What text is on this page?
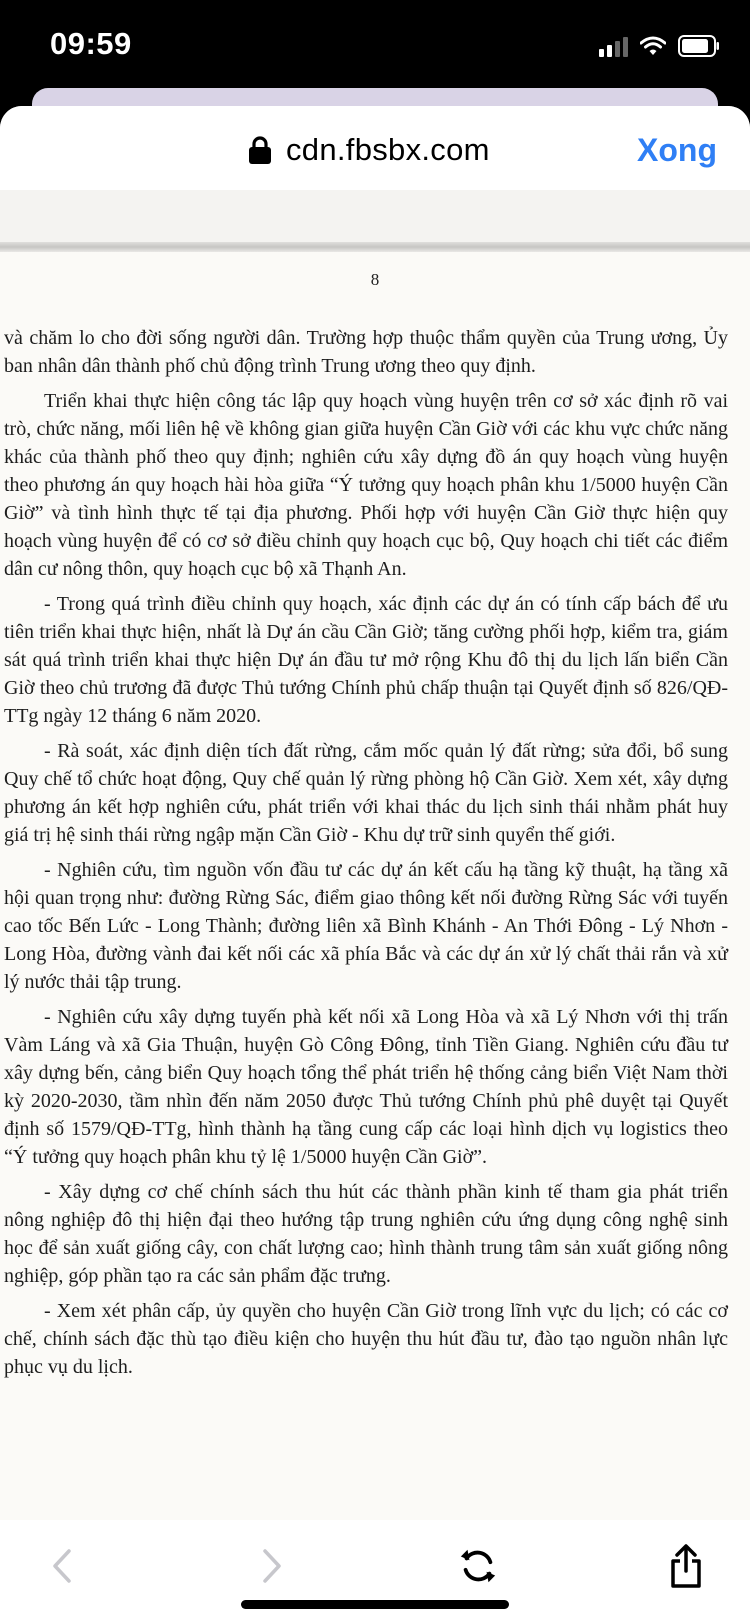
09:59
cdn.fbsbx.com	Xong
8

và chăm lo cho đời sống người dân. Trường hợp thuộc thẩm quyền của Trung ương, Ủy ban nhân dân thành phố chủ động trình Trung ương theo quy định.

Triển khai thực hiện công tác lập quy hoạch vùng huyện trên cơ sở xác định rõ vai trò, chức năng, mối liên hệ về không gian giữa huyện Cần Giờ với các khu vực chức năng khác của thành phố theo quy định; nghiên cứu xây dựng đồ án quy hoạch vùng huyện theo phương án quy hoạch hài hòa giữa “Ý tưởng quy hoạch phân khu 1/5000 huyện Cần Giờ” và tình hình thực tế tại địa phương. Phối hợp với huyện Cần Giờ thực hiện quy hoạch vùng huyện để có cơ sở điều chỉnh quy hoạch cục bộ, Quy hoạch chi tiết các điểm dân cư nông thôn, quy hoạch cục bộ xã Thạnh An.

- Trong quá trình điều chỉnh quy hoạch, xác định các dự án có tính cấp bách để ưu tiên triển khai thực hiện, nhất là Dự án cầu Cần Giờ; tăng cường phối hợp, kiểm tra, giám sát quá trình triển khai thực hiện Dự án đầu tư mở rộng Khu đô thị du lịch lấn biển Cần Giờ theo chủ trương đã được Thủ tướng Chính phủ chấp thuận tại Quyết định số 826/QĐ-TTg ngày 12 tháng 6 năm 2020.

- Rà soát, xác định diện tích đất rừng, cắm mốc quản lý đất rừng; sửa đổi, bổ sung Quy chế tổ chức hoạt động, Quy chế quản lý rừng phòng hộ Cần Giờ. Xem xét, xây dựng phương án kết hợp nghiên cứu, phát triển với khai thác du lịch sinh thái nhằm phát huy giá trị hệ sinh thái rừng ngập mặn Cần Giờ - Khu dự trữ sinh quyển thế giới.

- Nghiên cứu, tìm nguồn vốn đầu tư các dự án kết cấu hạ tầng kỹ thuật, hạ tầng xã hội quan trọng như: đường Rừng Sác, điểm giao thông kết nối đường Rừng Sác với tuyến cao tốc Bến Lức - Long Thành; đường liên xã Bình Khánh - An Thới Đông - Lý Nhơn - Long Hòa, đường vành đai kết nối các xã phía Bắc và các dự án xử lý chất thải rắn và xử lý nước thải tập trung.

- Nghiên cứu xây dựng tuyến phà kết nối xã Long Hòa và xã Lý Nhơn với thị trấn Vàm Láng và xã Gia Thuận, huyện Gò Công Đông, tỉnh Tiền Giang. Nghiên cứu đầu tư xây dựng bến, cảng biển Quy hoạch tổng thể phát triển hệ thống cảng biển Việt Nam thời kỳ 2020-2030, tầm nhìn đến năm 2050 được Thủ tướng Chính phủ phê duyệt tại Quyết định số 1579/QĐ-TTg, hình thành hạ tầng cung cấp các loại hình dịch vụ logistics theo “Ý tưởng quy hoạch phân khu tỷ lệ 1/5000 huyện Cần Giờ”.

- Xây dựng cơ chế chính sách thu hút các thành phần kinh tế tham gia phát triển nông nghiệp đô thị hiện đại theo hướng tập trung nghiên cứu ứng dụng công nghệ sinh học để sản xuất giống cây, con chất lượng cao; hình thành trung tâm sản xuất giống nông nghiệp, góp phần tạo ra các sản phẩm đặc trưng.

- Xem xét phân cấp, ủy quyền cho huyện Cần Giờ trong lĩnh vực du lịch; có các cơ chế, chính sách đặc thù tạo điều kiện cho huyện thu hút đầu tư, đào tạo nguồn nhân lực phục vụ du lịch.
